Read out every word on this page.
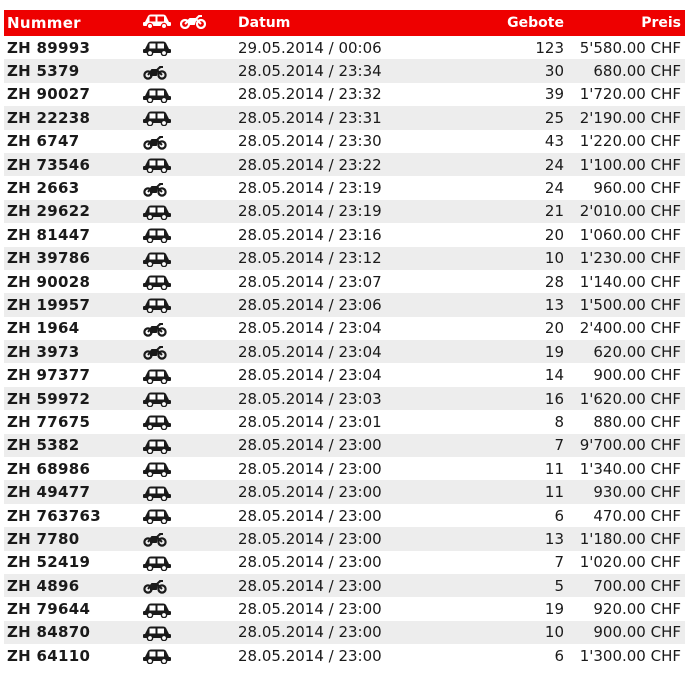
Nummer		Datum	Gebote	Preis
ZH 89993		29.05.2014 / 00:06	123	5'580.00 CHF
ZH 5379		28.05.2014 / 23:34	30	680.00 CHF
ZH 90027		28.05.2014 / 23:32	39	1'720.00 CHF
ZH 22238		28.05.2014 / 23:31	25	2'190.00 CHF
ZH 6747		28.05.2014 / 23:30	43	1'220.00 CHF
ZH 73546		28.05.2014 / 23:22	24	1'100.00 CHF
ZH 2663		28.05.2014 / 23:19	24	960.00 CHF
ZH 29622		28.05.2014 / 23:19	21	2'010.00 CHF
ZH 81447		28.05.2014 / 23:16	20	1'060.00 CHF
ZH 39786		28.05.2014 / 23:12	10	1'230.00 CHF
ZH 90028		28.05.2014 / 23:07	28	1'140.00 CHF
ZH 19957		28.05.2014 / 23:06	13	1'500.00 CHF
ZH 1964		28.05.2014 / 23:04	20	2'400.00 CHF
ZH 3973		28.05.2014 / 23:04	19	620.00 CHF
ZH 97377		28.05.2014 / 23:04	14	900.00 CHF
ZH 59972		28.05.2014 / 23:03	16	1'620.00 CHF
ZH 77675		28.05.2014 / 23:01	8	880.00 CHF
ZH 5382		28.05.2014 / 23:00	7	9'700.00 CHF
ZH 68986		28.05.2014 / 23:00	11	1'340.00 CHF
ZH 49477		28.05.2014 / 23:00	11	930.00 CHF
ZH 763763		28.05.2014 / 23:00	6	470.00 CHF
ZH 7780		28.05.2014 / 23:00	13	1'180.00 CHF
ZH 52419		28.05.2014 / 23:00	7	1'020.00 CHF
ZH 4896		28.05.2014 / 23:00	5	700.00 CHF
ZH 79644		28.05.2014 / 23:00	19	920.00 CHF
ZH 84870		28.05.2014 / 23:00	10	900.00 CHF
ZH 64110		28.05.2014 / 23:00	6	1'300.00 CHF
